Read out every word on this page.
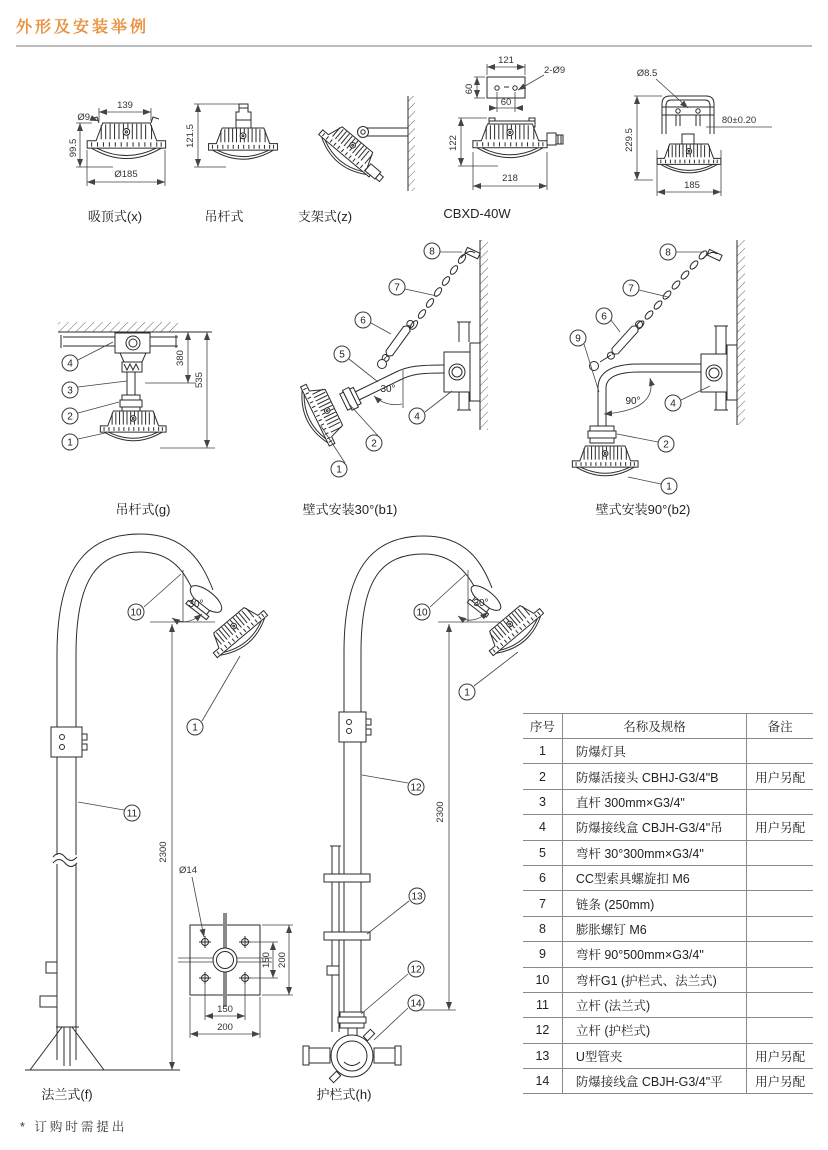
外形及安装举例
139
Ø9
99.5
Ø185
121.5
121
2-Ø9
60
60
122
218
Ø8.5
80±0.20
229.5
185
4
3
2
1
380
535
30°
8
7
6
5
4
2
1
90°
8
7
6
9
4
2
1
30°
2300
10
1
11
Ø14
150 200
150
200
30°
2300
10
1
12
13
12
14
吸顶式(x)	吊杆式	支架式(z)	CBXD-40W
吊杆式(g)	壁式安装30°(b1)	壁式安装90°(b2)
法兰式(f)	护栏式(h)
序号	名称及规格	备注
1	防爆灯具
2	防爆活接头 CBHJ-G3/4"B	用户另配
3	直杆 300mm×G3/4"
4	防爆接线盒 CBJH-G3/4"吊	用户另配
5	弯杆 30°300mm×G3/4"
6	CC型索具螺旋扣 M6
7	链条 (250mm)
8	膨胀螺钉 M6
9	弯杆 90°500mm×G3/4"
10	弯杆G1 (护栏式、法兰式)
11	立杆 (法兰式)
12	立杆 (护栏式)
13	U型管夹	用户另配
14	防爆接线盒 CBJH-G3/4"平	用户另配
* 订购时需提出
